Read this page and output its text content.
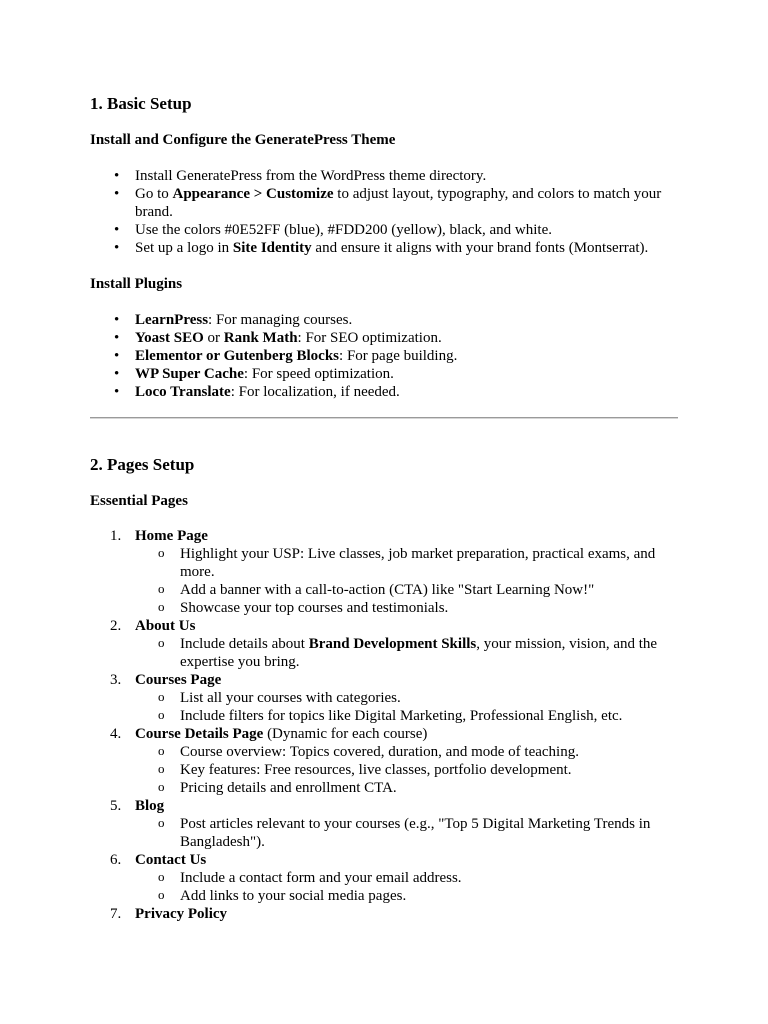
1. Basic Setup
Install and Configure the GeneratePress Theme
• Install GeneratePress from the WordPress theme directory.
• Go to Appearance > Customize to adjust layout, typography, and colors to match your brand.
• Use the colors #0E52FF (blue), #FDD200 (yellow), black, and white.
• Set up a logo in Site Identity and ensure it aligns with your brand fonts (Montserrat).
Install Plugins
• LearnPress: For managing courses.
• Yoast SEO or Rank Math: For SEO optimization.
• Elementor or Gutenberg Blocks: For page building.
• WP Super Cache: For speed optimization.
• Loco Translate: For localization, if needed.
2. Pages Setup
Essential Pages
1. Home Page
o Highlight your USP: Live classes, job market preparation, practical exams, and more.
o Add a banner with a call-to-action (CTA) like "Start Learning Now!"
o Showcase your top courses and testimonials.
2. About Us
o Include details about Brand Development Skills, your mission, vision, and the expertise you bring.
3. Courses Page
o List all your courses with categories.
o Include filters for topics like Digital Marketing, Professional English, etc.
4. Course Details Page (Dynamic for each course)
o Course overview: Topics covered, duration, and mode of teaching.
o Key features: Free resources, live classes, portfolio development.
o Pricing details and enrollment CTA.
5. Blog
o Post articles relevant to your courses (e.g., "Top 5 Digital Marketing Trends in Bangladesh").
6. Contact Us
o Include a contact form and your email address.
o Add links to your social media pages.
7. Privacy Policy
